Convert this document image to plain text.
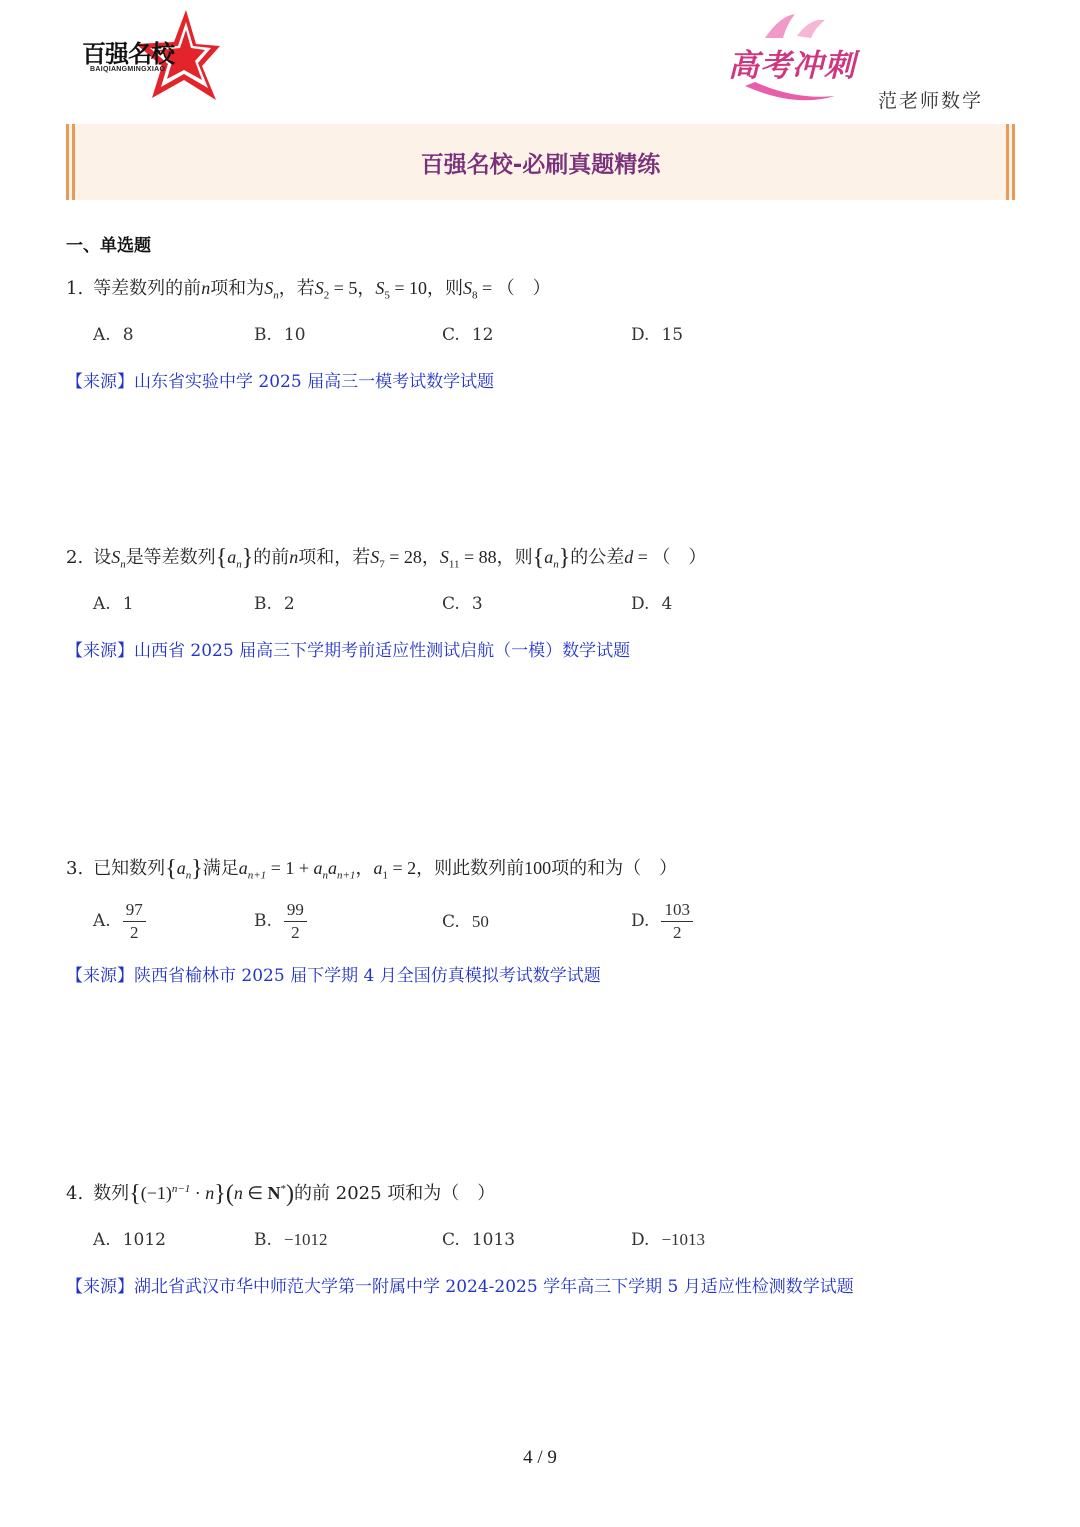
百强名校
BAIQIANGMINGXIAO	高考冲刺
范老师数学
百强名校-必刷真题精练
一、单选题
1. 等差数列的前n项和为$S_n$，若$S_2 = 5$，$S_5 = 10$，则$S_8$ = （　）
A. 8	B. 10	C. 12	D. 15
【来源】山东省实验中学 2025 届高三一模考试数学试题
2. 设$S_n$是等差数列$\{a_n\}$的前n项和，若$S_7 = 28$，$S_{11} = 88$，则$\{a_n\}$的公差d = （　）
A. 1	B. 2	C. 3	D. 4
【来源】山西省 2025 届高三下学期考前适应性测试启航（一模）数学试题
3. 已知数列$\{a_n\}$满足$a_{n+1} = 1 + a_na_{n+1}$，$a_1 = 2$，则此数列前100项的和为（　）
A. $\frac{97}{2}$	B. $\frac{99}{2}$	C. 50	D. $\frac{103}{2}$
【来源】陕西省榆林市 2025 届下学期 4 月全国仿真模拟考试数学试题
4. 数列$\{(-1)^{n-1} \cdot n\}(n$ ∈ N*)的前 2025 项和为（　）
A. 1012	B. −1012	C. 1013	D. −1013
【来源】湖北省武汉市华中师范大学第一附属中学 2024-2025 学年高三下学期 5 月适应性检测数学试题
4 / 9
